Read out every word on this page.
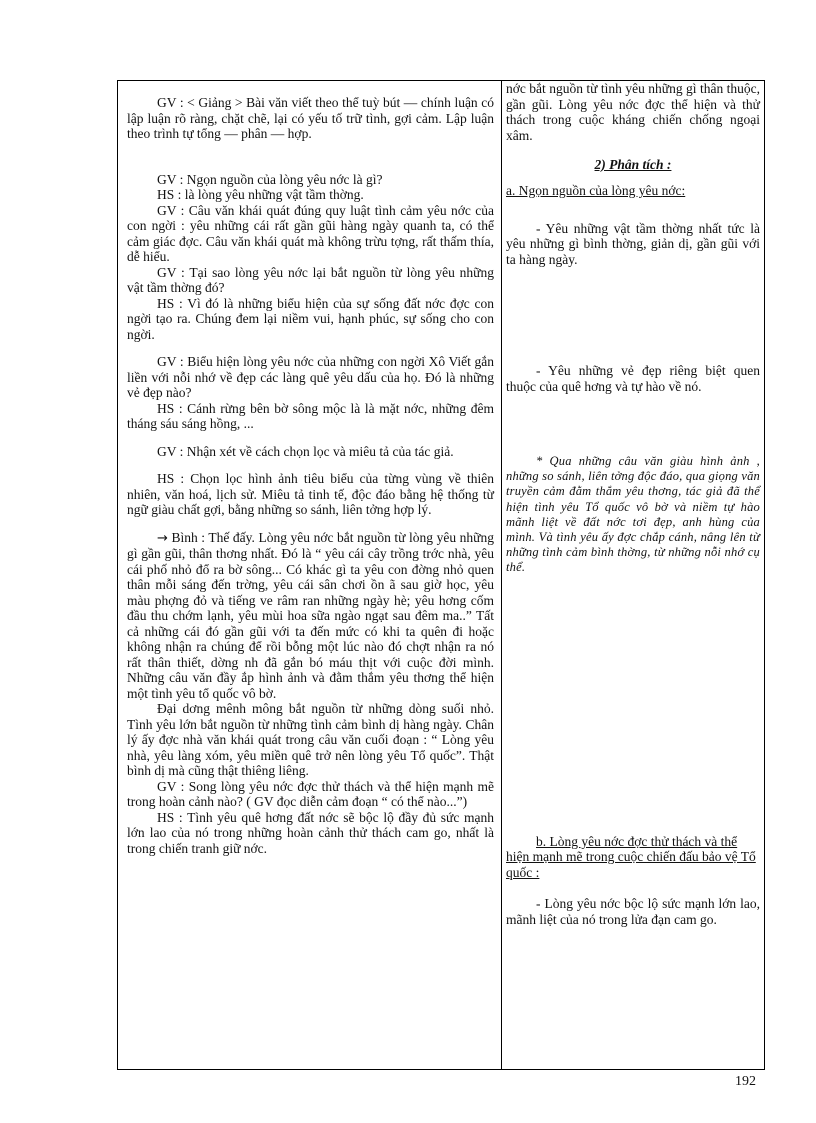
GV : < Giảng > Bài văn viết theo thể tuỳ bút — chính luận có lập luận rõ ràng, chặt chẽ, lại có yếu tố trữ tình, gợi cảm. Lập luận theo trình tự tổng — phân — hợp.

GV : Ngọn nguồn của lòng yêu nớc là gì?

HS : là lòng yêu những vật tầm thờng.

GV : Câu văn khái quát đúng quy luật tình cảm yêu nớc của con ngời : yêu những cái rất gần gũi hàng ngày quanh ta, có thể cảm giác đợc. Câu văn khái quát mà không trừu tợng, rất thấm thía, dễ hiểu.

GV : Tại sao lòng yêu nớc lại bắt nguồn từ lòng yêu những vật tầm thờng đó?

HS : Vì đó là những biểu hiện của sự sống đất nớc đợc con ngời tạo ra. Chúng đem lại niềm vui, hạnh phúc, sự sống cho con ngời.

GV : Biểu hiện lòng yêu nớc của những con ngời Xô Viết gắn liền với nỗi nhớ về đẹp các làng quê yêu dấu của họ. Đó là những vẻ đẹp nào?

HS : Cánh rừng bên bờ sông mộc là là mặt nớc, những đêm tháng sáu sáng hồng, ...

GV : Nhận xét về cách chọn lọc và miêu tả của tác giả.

HS : Chọn lọc hình ảnh tiêu biểu của từng vùng về thiên nhiên, văn hoá, lịch sử. Miêu tả tinh tế, độc đáo bằng hệ thống từ ngữ giàu chất gợi, bằng những so sánh, liên tởng hợp lý.

→ Bình : Thế đấy. Lòng yêu nớc bắt nguồn từ lòng yêu những gì gần gũi, thân thơng nhất. Đó là “ yêu cái cây trồng trớc nhà, yêu cái phố nhỏ đổ ra bờ sông... Có khác gì ta yêu con đờng nhỏ quen thân mỗi sáng đến trờng, yêu cái sân chơi ồn ã sau giờ học, yêu màu phợng đỏ và tiếng ve râm ran những ngày hè; yêu hơng cốm đầu thu chớm lạnh, yêu mùi hoa sữa ngào ngạt sau đêm ma..” Tất cả những cái đó gần gũi với ta đến mức có khi ta quên đi hoặc không nhận ra chúng để rồi bỗng một lúc nào đó chợt nhận ra nó rất thân thiết, dờng nh đã gắn bó máu thịt với cuộc đời mình. Những câu văn đầy ắp hình ảnh và đằm thắm yêu thơng thể hiện một tình yêu tổ quốc vô bờ.

Đại dơng mênh mông bắt nguồn từ những dòng suối nhỏ. Tình yêu lớn bắt nguồn từ những tình cảm bình dị hàng ngày. Chân lý ấy đợc nhà văn khái quát trong câu văn cuối đoạn : “ Lòng yêu nhà, yêu làng xóm, yêu miền quê trở nên lòng yêu Tổ quốc”. Thật bình dị mà cũng thật thiêng liêng.

GV : Song lòng yêu nớc đợc thử thách và thể hiện mạnh mẽ trong hoàn cảnh nào? ( GV đọc diễn cảm đoạn “ có thể nào...”)

HS : Tình yêu quê hơng đất nớc sẽ bộc lộ đầy đủ sức mạnh lớn lao của nó trong những hoàn cảnh thử thách cam go, nhất là trong chiến tranh giữ nớc.

nớc bắt nguồn từ tình yêu những gì thân thuộc, gần gũi. Lòng yêu nớc đợc thể hiện và thử thách trong cuộc kháng chiến chống ngoại xâm.

2) Phân tích :
a. Ngọn nguồn của lòng yêu nớc:

- Yêu những vật tầm thờng nhất tức là yêu những gì bình thờng, giản dị, gần gũi với ta hàng ngày.

- Yêu những vẻ đẹp riêng biệt quen thuộc của quê hơng và tự hào về nó.

* Qua những câu văn giàu hình ảnh , những so sánh, liên tởng độc đáo, qua giọng văn truyền cảm đằm thắm yêu thơng, tác giả đã thể hiện tình yêu Tổ quốc vô bờ và niềm tự hào mãnh liệt về đất nớc tơi đẹp, anh hùng của mình. Và tình yêu ấy đợc chắp cánh, nâng lên từ những tình cảm bình thờng, từ những nỗi nhớ cụ thể.

b. Lòng yêu nớc đợc thử thách và thể hiện mạnh mẽ trong cuộc chiến đấu bảo vệ Tổ quốc :

- Lòng yêu nớc bộc lộ sức mạnh lớn lao, mãnh liệt của nó trong lửa đạn cam go.

192
